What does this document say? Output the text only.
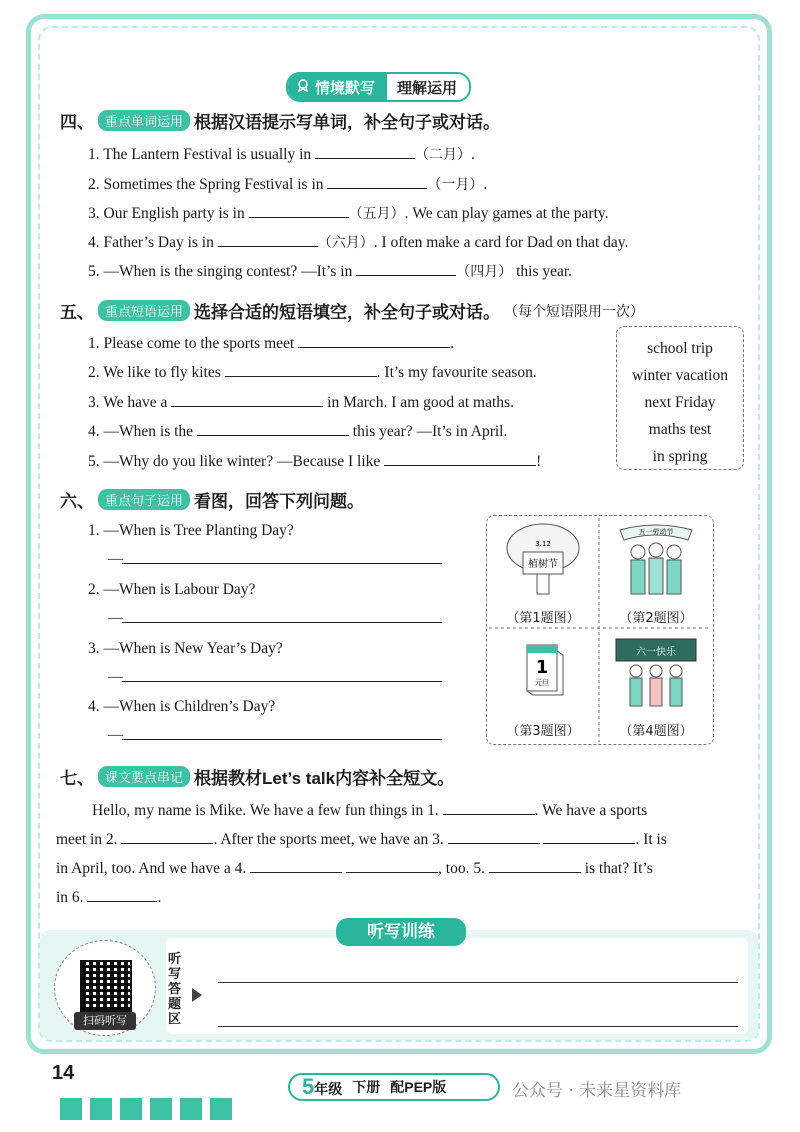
情境默写	理解运用
四、 重点单词运用 根据汉语提示写单词，补全句子或对话。
1. The Lantern Festival is usually in	（二月）.
2. Sometimes the Spring Festival is in	（一月）.
3. Our English party is in	（五月）. We can play games at the party.
4. Father’s Day is in	（六月）. I often make a card for Dad on that day.
5. —When is the singing contest? —It’s in	（四月） this year.
五、 重点短语运用 选择合适的短语填空，补全句子或对话。 （每个短语限用一次）
1. Please come to the sports meet	.
2. We like to fly kites	. It’s my favourite season.
3. We have a	in March. I am good at maths.
4. —When is the	this year? —It’s in April.
5. —Why do you like winter? —Because I like	!
school trip
winter vacation
next Friday
maths test
in spring
六、 重点句子运用 看图，回答下列问题。
1. —When is Tree Planting Day?
—
2. —When is Labour Day?
—
3. —When is New Year’s Day?
—
4. —When is Children’s Day?
—
植树节
3.12
（第1题图）
五一劳动节
（第2题图）
1
元旦
（第3题图）
六一快乐
（第4题图）
七、 课文要点串记 根据教材Let’s talk内容补全短文。
Hello, my name is Mike. We have a few fun things in 1.	. We have a sports
meet in 2.	. After the sports meet, we have an 3.	. It is
in April, too. And we have a 4.	, too. 5.	is that? It’s
in 6.	.
听写训练
扫码听写
听
写
答
题
区
14
5年级 下册 配PEP版	公众号 · 未来星资料库
